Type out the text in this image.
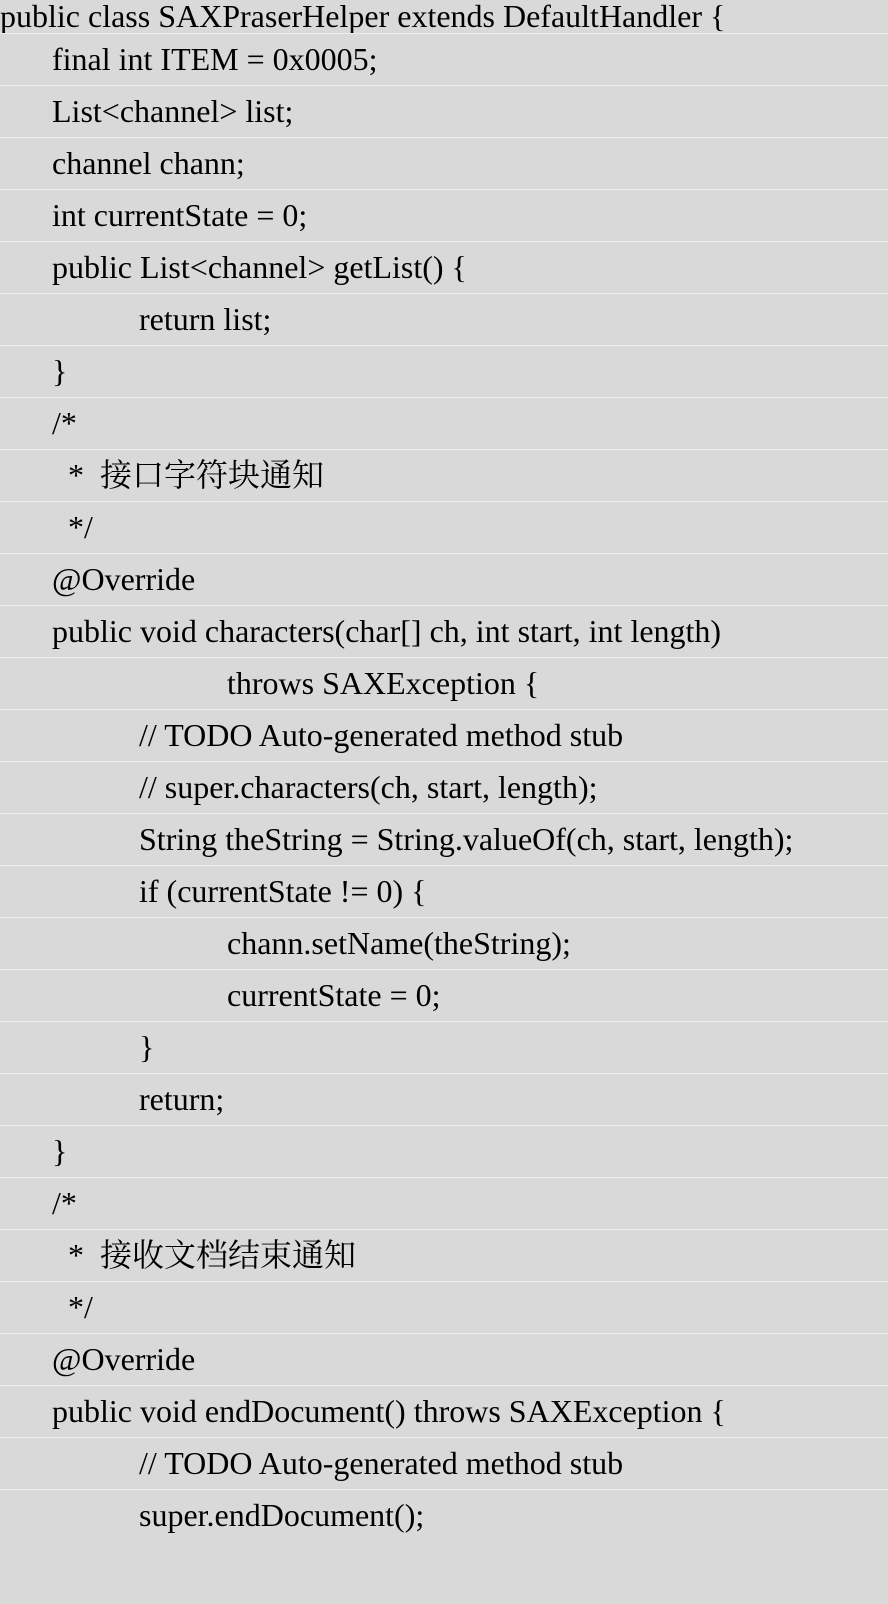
public class SAXPraserHelper extends DefaultHandler {
final int ITEM = 0x0005;
List<channel> list;
channel chann;
int currentState = 0;
public List<channel> getList() {
return list;
}
/*
*  接口字符块通知
*/
@Override
public void characters(char[] ch, int start, int length)
throws SAXException {
// TODO Auto-generated method stub
// super.characters(ch, start, length);
String theString = String.valueOf(ch, start, length);
if (currentState != 0) {
chann.setName(theString);
currentState = 0;
}
return;
}
/*
*  接收文档结束通知
*/
@Override
public void endDocument() throws SAXException {
// TODO Auto-generated method stub
super.endDocument();
